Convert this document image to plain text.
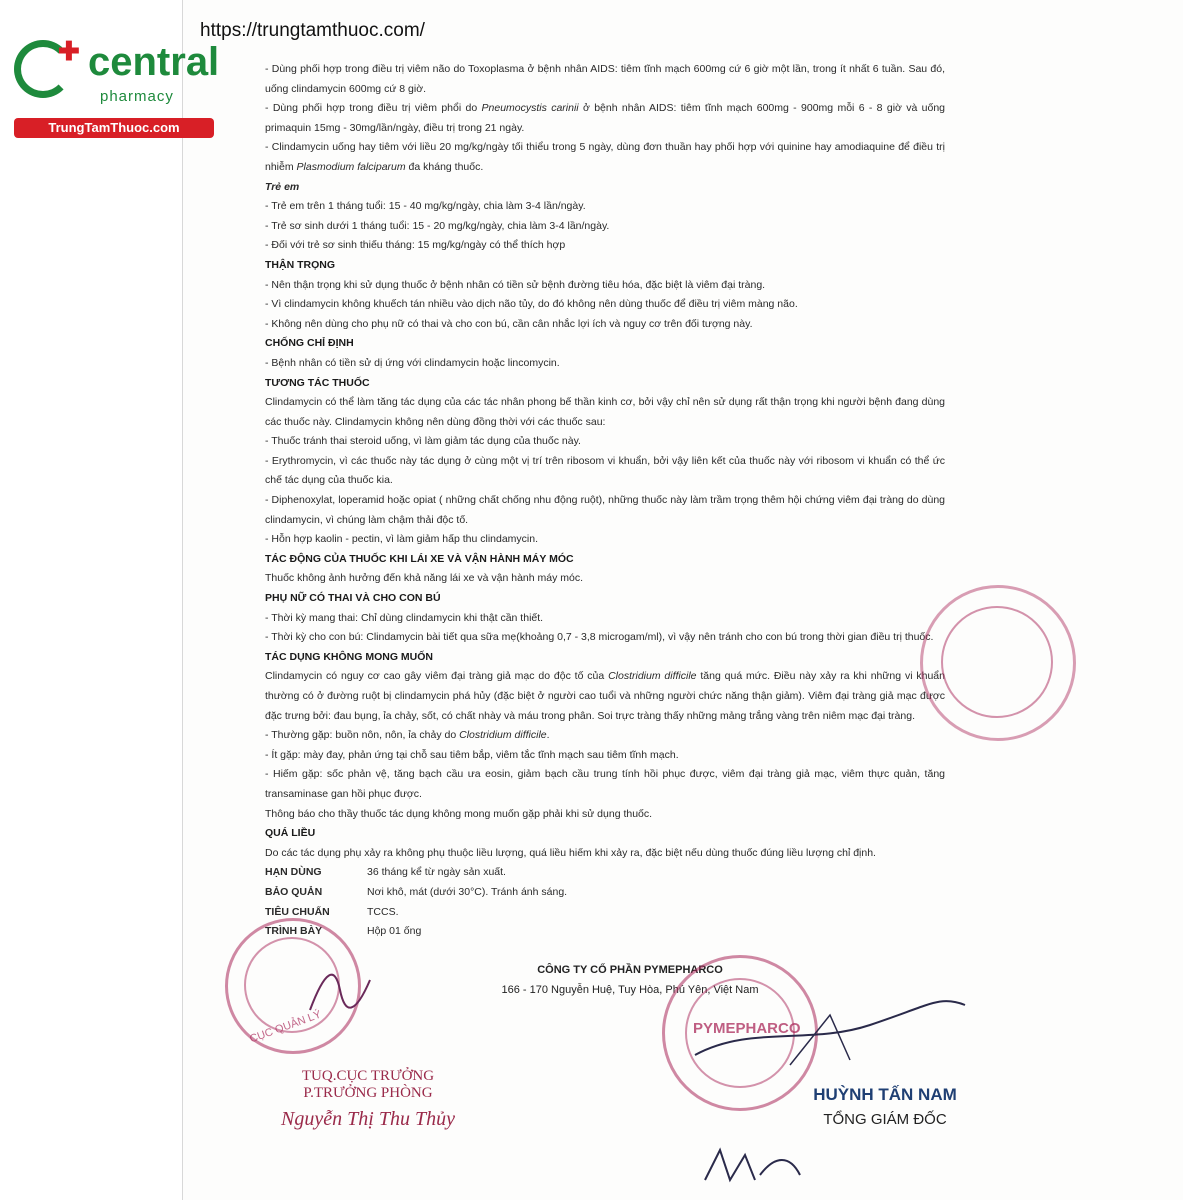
https://trungtamthuoc.com/
✚ central
pharmacy
TrungTamThuoc.com

- Dùng phối hợp trong điều trị viêm não do Toxoplasma ở bệnh nhân AIDS: tiêm tĩnh mạch 600mg cứ 6 giờ một lần, trong ít nhất 6 tuần. Sau đó, uống clindamycin 600mg cứ 8 giờ.

- Dùng phối hợp trong điều trị viêm phổi do Pneumocystis carinii ở bệnh nhân AIDS: tiêm tĩnh mạch 600mg - 900mg mỗi 6 - 8 giờ và uống primaquin 15mg - 30mg/lần/ngày, điều trị trong 21 ngày.

- Clindamycin uống hay tiêm với liều 20 mg/kg/ngày tối thiểu trong 5 ngày, dùng đơn thuần hay phối hợp với quinine hay amodiaquine để điều trị nhiễm Plasmodium falciparum đa kháng thuốc.

Trẻ em

- Trẻ em trên 1 tháng tuổi: 15 - 40 mg/kg/ngày, chia làm 3-4 lần/ngày.

- Trẻ sơ sinh dưới 1 tháng tuổi: 15 - 20 mg/kg/ngày, chia làm 3-4 lần/ngày.

- Đối với trẻ sơ sinh thiếu tháng: 15 mg/kg/ngày có thể thích hợp

THẬN TRỌNG

- Nên thận trọng khi sử dụng thuốc ở bệnh nhân có tiền sử bệnh đường tiêu hóa, đặc biệt là viêm đại tràng.

- Vì clindamycin không khuếch tán nhiều vào dịch não tủy, do đó không nên dùng thuốc để điều trị viêm màng não.

- Không nên dùng cho phụ nữ có thai và cho con bú, cần cân nhắc lợi ích và nguy cơ trên đối tượng này.

CHỐNG CHỈ ĐỊNH

- Bệnh nhân có tiền sử dị ứng với clindamycin hoặc lincomycin.

TƯƠNG TÁC THUỐC

Clindamycin có thể làm tăng tác dụng của các tác nhân phong bế thần kinh cơ, bởi vậy chỉ nên sử dụng rất thận trọng khi người bệnh đang dùng các thuốc này. Clindamycin không nên dùng đồng thời với các thuốc sau:

- Thuốc tránh thai steroid uống, vì làm giảm tác dụng của thuốc này.

- Erythromycin, vì các thuốc này tác dụng ở cùng một vị trí trên ribosom vi khuẩn, bởi vậy liên kết của thuốc này với ribosom vi khuẩn có thể ức chế tác dụng của thuốc kia.

- Diphenoxylat, loperamid hoặc opiat ( những chất chống nhu động ruột), những thuốc này làm trầm trọng thêm hội chứng viêm đại tràng do dùng clindamycin, vì chúng làm chậm thải độc tố.

- Hỗn hợp kaolin - pectin, vì làm giảm hấp thu clindamycin.

TÁC ĐỘNG CỦA THUỐC KHI LÁI XE VÀ VẬN HÀNH MÁY MÓC

Thuốc không ảnh hưởng đến khả năng lái xe và vận hành máy móc.

PHỤ NỮ CÓ THAI VÀ CHO CON BÚ

- Thời kỳ mang thai: Chỉ dùng clindamycin khi thật cần thiết.

- Thời kỳ cho con bú: Clindamycin bài tiết qua sữa mẹ(khoảng 0,7 - 3,8 microgam/ml), vì vậy nên tránh cho con bú trong thời gian điều trị thuốc.

TÁC DỤNG KHÔNG MONG MUỐN

Clindamycin có nguy cơ cao gây viêm đại tràng giả mạc do độc tố của Clostridium difficile tăng quá mức. Điều này xảy ra khi những vi khuẩn thường có ở đường ruột bị clindamycin phá hủy (đặc biệt ở người cao tuổi và những người chức năng thận giảm). Viêm đại tràng giả mạc được đặc trưng bởi: đau bụng, ỉa chảy, sốt, có chất nhày và máu trong phân. Soi trực tràng thấy những mảng trắng vàng trên niêm mạc đại tràng.

- Thường gặp: buồn nôn, nôn, ỉa chảy do Clostridium difficile.

- Ít gặp: mày đay, phản ứng tại chỗ sau tiêm bắp, viêm tắc tĩnh mạch sau tiêm tĩnh mạch.

- Hiếm gặp: sốc phản vệ, tăng bạch cầu ưa eosin, giảm bạch cầu trung tính hồi phục được, viêm đại tràng giả mạc, viêm thực quản, tăng transaminase gan hồi phục được.

Thông báo cho thầy thuốc tác dụng không mong muốn gặp phải khi sử dụng thuốc.

QUÁ LIỀU

Do các tác dụng phụ xảy ra không phụ thuộc liều lượng, quá liều hiếm khi xảy ra, đặc biệt nếu dùng thuốc đúng liều lượng chỉ định.

HẠN DÙNG	36 tháng kể từ ngày sản xuất.
BẢO QUẢN	Nơi khô, mát (dưới 30°C). Tránh ánh sáng.
TIÊU CHUẨN	TCCS.
TRÌNH BÀY	Hộp 01 ống
CỤC QUẢN LÝ
TUQ.CỤC TRƯỞNG
P.TRƯỞNG PHÒNG
Nguyễn Thị Thu Thủy
CÔNG TY CỔ PHẦN PYMEPHARCO
166 - 170 Nguyễn Huệ, Tuy Hòa, Phú Yên, Việt Nam
PYMEPHARCO
HUỲNH TẤN NAM
TỔNG GIÁM ĐỐC
